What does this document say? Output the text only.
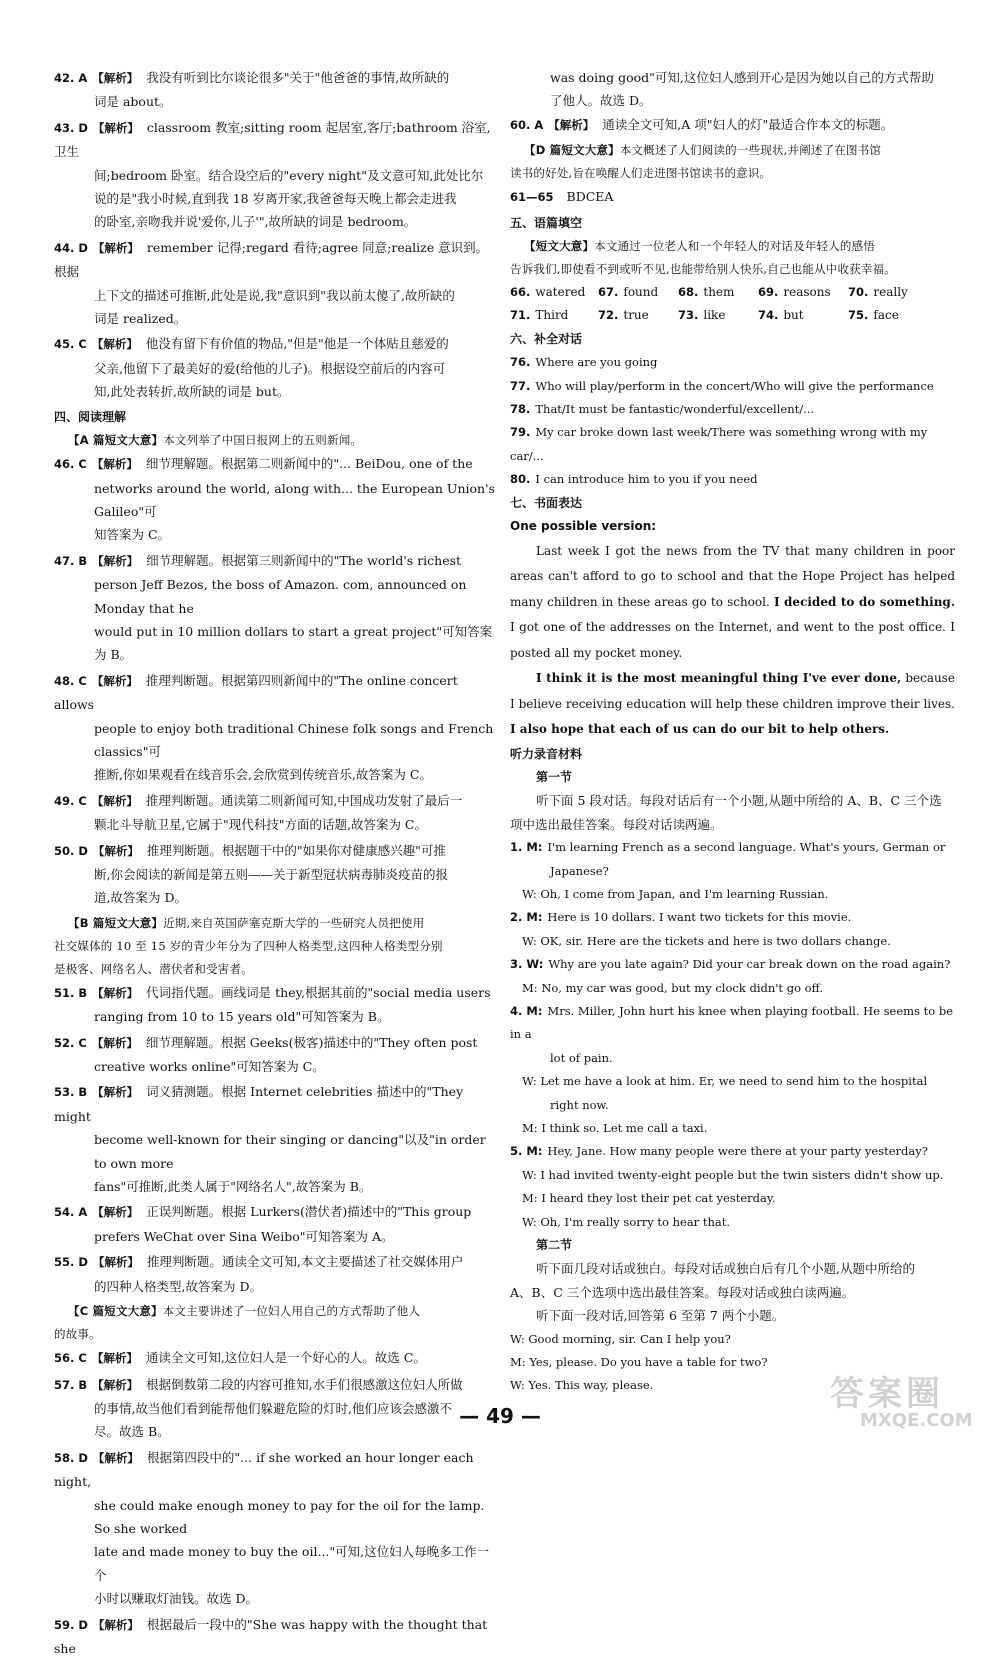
42. A 【解析】 我没有听到比尔谈论很多"关于"他爸爸的事情,故所缺的
词是 about。
43. D 【解析】 classroom 教室;sitting room 起居室,客厅;bathroom 浴室,卫生
间;bedroom 卧室。结合设空后的"every night"及文意可知,此处比尔
说的是"我小时候,直到我 18 岁离开家,我爸爸每天晚上都会走进我
的卧室,亲吻我并说'爱你,儿子'",故所缺的词是 bedroom。
44. D 【解析】 remember 记得;regard 看待;agree 同意;realize 意识到。根据
上下文的描述可推断,此处是说,我"意识到"我以前太傻了,故所缺的
词是 realized。
45. C 【解析】 他没有留下有价值的物品,"但是"他是一个体贴且慈爱的
父亲,他留下了最美好的爱(给他的儿子)。根据设空前后的内容可
知,此处表转折,故所缺的词是 but。
四、阅读理解
【A 篇短文大意】本文列举了中国日报网上的五则新闻。
46. C 【解析】 细节理解题。根据第二则新闻中的"... BeiDou, one of the
networks around the world, along with... the European Union's Galileo"可
知答案为 C。
47. B 【解析】 细节理解题。根据第三则新闻中的"The world's richest
person Jeff Bezos, the boss of Amazon. com, announced on Monday that he
would put in 10 million dollars to start a great project"可知答案为 B。
48. C 【解析】 推理判断题。根据第四则新闻中的"The online concert allows
people to enjoy both traditional Chinese folk songs and French classics"可
推断,你如果观看在线音乐会,会欣赏到传统音乐,故答案为 C。
49. C 【解析】 推理判断题。通读第二则新闻可知,中国成功发射了最后一
颗北斗导航卫星,它属于"现代科技"方面的话题,故答案为 C。
50. D 【解析】 推理判断题。根据题干中的"如果你对健康感兴趣"可推
断,你会阅读的新闻是第五则——关于新型冠状病毒肺炎疫苗的报
道,故答案为 D。
【B 篇短文大意】近期,来自英国萨塞克斯大学的一些研究人员把使用
社交媒体的 10 至 15 岁的青少年分为了四种人格类型,这四种人格类型分别
是极客、网络名人、潜伏者和受害者。
51. B 【解析】 代词指代题。画线词是 they,根据其前的"social media users
ranging from 10 to 15 years old"可知答案为 B。
52. C 【解析】 细节理解题。根据 Geeks(极客)描述中的"They often post
creative works online"可知答案为 C。
53. B 【解析】 词义猜测题。根据 Internet celebrities 描述中的"They might
become well-known for their singing or dancing"以及"in order to own more
fans"可推断,此类人属于"网络名人",故答案为 B。
54. A 【解析】 正误判断题。根据 Lurkers(潜伏者)描述中的"This group
prefers WeChat over Sina Weibo"可知答案为 A。
55. D 【解析】 推理判断题。通读全文可知,本文主要描述了社交媒体用户
的四种人格类型,故答案为 D。
【C 篇短文大意】本文主要讲述了一位妇人用自己的方式帮助了他人
的故事。
56. C 【解析】 通读全文可知,这位妇人是一个好心的人。故选 C。
57. B 【解析】 根据倒数第二段的内容可推知,水手们很感激这位妇人所做
的事情,故当他们看到能帮他们躲避危险的灯时,他们应该会感激不
尽。故选 B。
58. D 【解析】 根据第四段中的"... if she worked an hour longer each night,
she could make enough money to pay for the oil for the lamp. So she worked
late and made money to buy the oil..."可知,这位妇人每晚多工作一个
小时以赚取灯油钱。故选 D。
59. D 【解析】 根据最后一段中的"She was happy with the thought that she
was doing good"可知,这位妇人感到开心是因为她以自己的方式帮助
了他人。故选 D。
60. A 【解析】 通读全文可知,A 项"妇人的灯"最适合作本文的标题。
【D 篇短文大意】本文概述了人们阅读的一些现状,并阐述了在图书馆
读书的好处,旨在唤醒人们走进图书馆读书的意识。
61—65 BDCEA
五、语篇填空
【短文大意】本文通过一位老人和一个年轻人的对话及年轻人的感悟
告诉我们,即使看不到或听不见,也能带给别人快乐,自己也能从中收获幸福。
66. watered	67. found	68. them	69. reasons	70. really
71. Third	72. true	73. like	74. but	75. face
六、补全对话
76. Where are you going
77. Who will play/perform in the concert/Who will give the performance
78. That/It must be fantastic/wonderful/excellent/...
79. My car broke down last week/There was something wrong with my car/...
80. I can introduce him to you if you need
七、书面表达
One possible version:
Last week I got the news from the TV that many children in poor areas can't afford to go to school and that the Hope Project has helped many children in these areas go to school. I decided to do something. I got one of the addresses on the Internet, and went to the post office. I posted all my pocket money.
I think it is the most meaningful thing I've ever done, because I believe receiving education will help these children improve their lives. I also hope that each of us can do our bit to help others.
听力录音材料
第一节
听下面 5 段对话。每段对话后有一个小题,从题中所给的 A、B、C 三个选
项中选出最佳答案。每段对话读两遍。
1. M: I'm learning French as a second language. What's yours, German or
Japanese?
W: Oh, I come from Japan, and I'm learning Russian.
2. M: Here is 10 dollars. I want two tickets for this movie.
W: OK, sir. Here are the tickets and here is two dollars change.
3. W: Why are you late again? Did your car break down on the road again?
M: No, my car was good, but my clock didn't go off.
4. M: Mrs. Miller, John hurt his knee when playing football. He seems to be in a
lot of pain.
W: Let me have a look at him. Er, we need to send him to the hospital
right now.
M: I think so. Let me call a taxi.
5. M: Hey, Jane. How many people were there at your party yesterday?
W: I had invited twenty-eight people but the twin sisters didn't show up.
M: I heard they lost their pet cat yesterday.
W: Oh, I'm really sorry to hear that.
第二节
听下面几段对话或独白。每段对话或独白后有几个小题,从题中所给的
A、B、C 三个选项中选出最佳答案。每段对话或独白读两遍。
听下面一段对话,回答第 6 至第 7 两个小题。
W: Good morning, sir. Can I help you?
M: Yes, please. Do you have a table for two?
W: Yes. This way, please.
— 49 —
答案圈
MXQE.COM
